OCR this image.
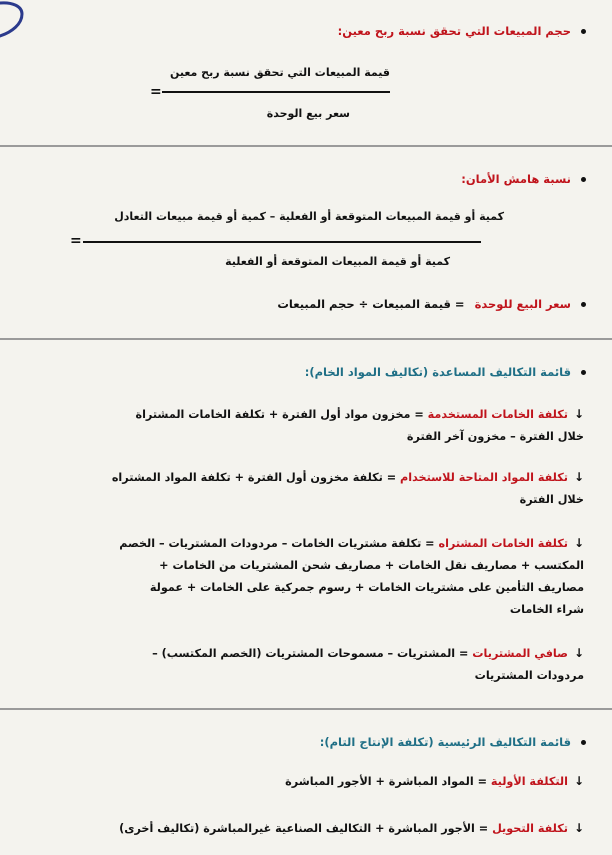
حجم المبيعات التي تحقق نسبة ربح معين:
قيمة المبيعات التي تحقق نسبة ربح معين
=
سعر بيع الوحدة
نسبة هامش الأمان:
كمية أو قيمة المبيعات المتوقعة أو الفعلية – كمية أو قيمة مبيعات التعادل
=
كمية أو قيمة المبيعات المتوقعة أو الفعلية
سعر البيع للوحدة
= قيمة المبيعات ÷ حجم المبيعات
قائمة التكاليف المساعدة (تكاليف المواد الخام):
↓تكلفة الخامات المستخدمة = مخزون مواد أول الفترة + تكلفة الخامات المشتراة
خلال الفترة – مخزون آخر الفترة
↓تكلفة المواد المتاحة للاستخدام = تكلفة مخزون أول الفترة + تكلفة المواد المشتراه
خلال الفترة
↓تكلفة الخامات المشتراه = تكلفة مشتريات الخامات – مردودات المشتريات – الخصم
المكتسب + مصاريف نقل الخامات + مصاريف شحن المشتريات من الخامات +
مصاريف التأمين على مشتريات الخامات + رسوم جمركية على الخامات + عمولة
شراء الخامات
↓صافي المشتريات = المشتريات – مسموحات المشتريات (الخصم المكتسب) –
مردودات المشتريات
قائمة التكاليف الرئيسية (تكلفة الإنتاج التام):
↓التكلفة الأولية = المواد المباشرة + الأجور المباشرة
↓تكلفة التحويل = الأجور المباشرة + التكاليف الصناعية غيرالمباشرة (تكاليف أخرى)
